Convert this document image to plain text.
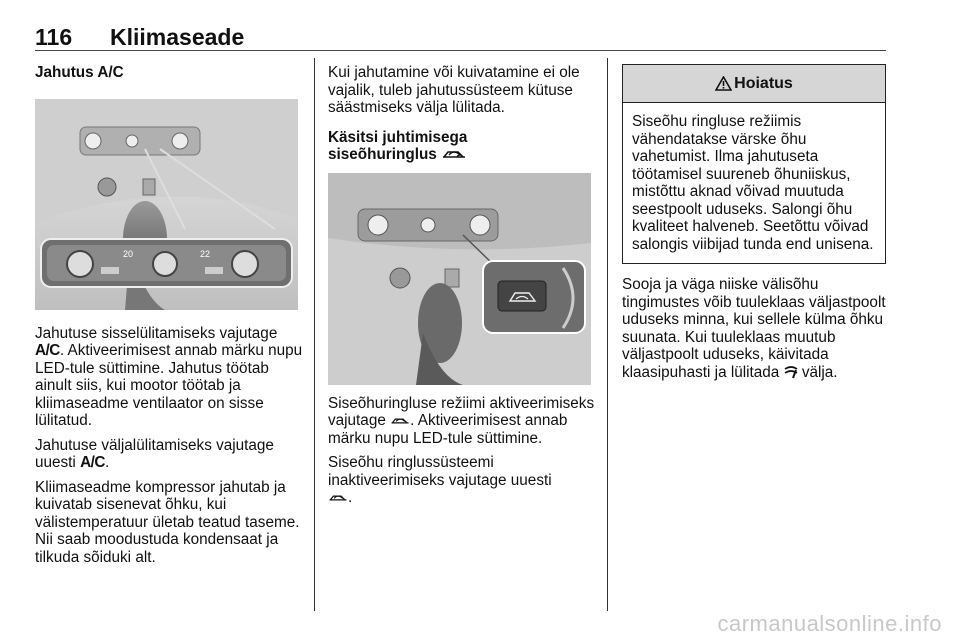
116 Kliimaseade

Jahutus A/C

20	22

Jahutuse sisselülitamiseks vajutage
A/C. Aktiveerimisest annab märku nupu LED-tule süttimine. Jahutus töötab ainult siis, kui mootor töötab ja kliimaseadme ventilaator on sisse lülitatud.

Jahutuse väljalülitamiseks vajutage uuesti A/C.

Kliimaseadme kompressor jahutab ja kuivatab sisenevat õhku, kui välistemperatuur ületab teatud taseme. Nii saab moodustuda kondensaat ja tilkuda sõiduki alt.

Kui jahutamine või kuivatamine ei ole vajalik, tuleb jahutussüsteem kütuse säästmiseks välja lülitada.

Käsitsi juhtimisega
siseõhuringlus

Siseõhuringluse režiimi aktiveerimiseks vajutage . Aktiveerimisest annab märku nupu LED-tule süttimine.

Siseõhu ringlussüsteemi inaktiveerimiseks vajutage uuesti
.

Hoiatus
Siseõhu ringluse režiimis vähendatakse värske õhu vahetumist. Ilma jahutuseta töötamisel suureneb õhuniiskus, mistõttu aknad võivad muutuda seestpoolt uduseks. Salongi õhu kvaliteet halveneb. Seetõttu võivad salongis viibijad tunda end unisena.

Sooja ja väga niiske välisõhu tingimustes võib tuuleklaas väljastpoolt uduseks minna, kui sellele külma õhku suunata. Kui tuuleklaas muutub väljastpoolt uduseks, käivitada klaasipuhasti ja lülitada  välja.

carmanualsonline.info
